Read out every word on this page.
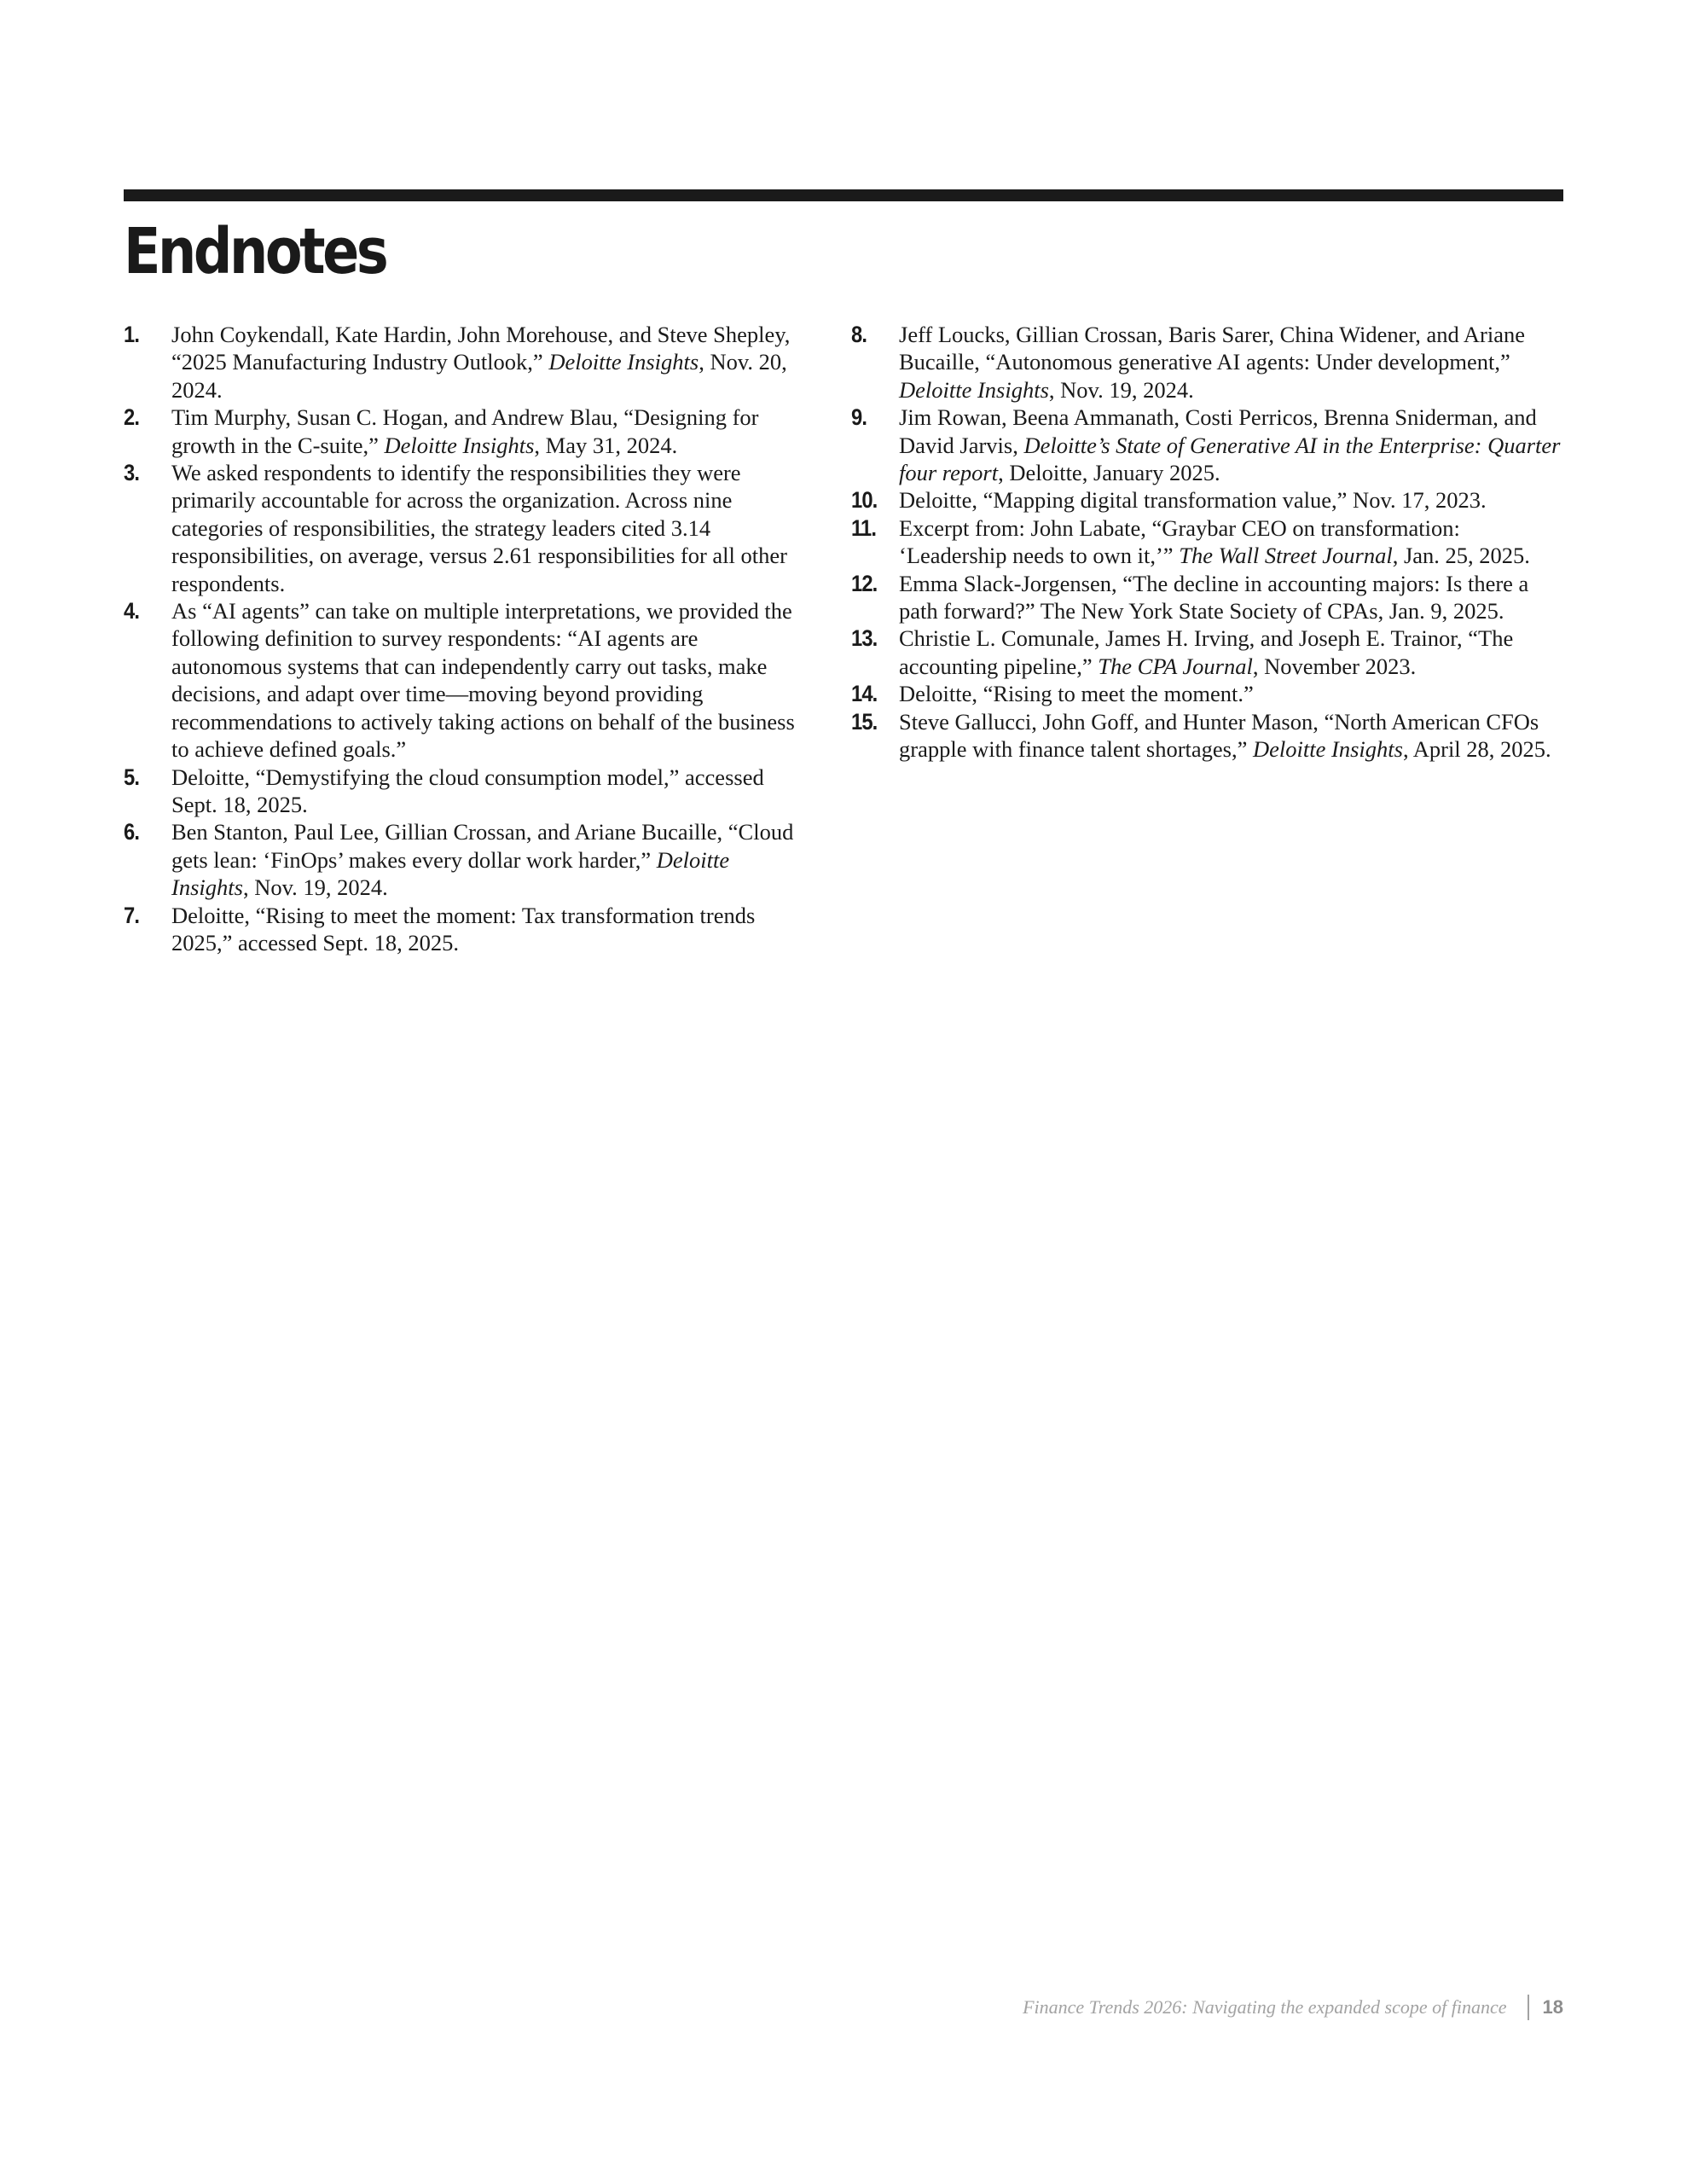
Endnotes
1. John Coykendall, Kate Hardin, John Morehouse, and Steve Shepley, “2025 Manufacturing Industry Outlook,” Deloitte Insights, Nov. 20, 2024.
2. Tim Murphy, Susan C. Hogan, and Andrew Blau, “Designing for growth in the C-suite,” Deloitte Insights, May 31, 2024.
3. We asked respondents to identify the responsibilities they were primarily accountable for across the organization. Across nine categories of responsibilities, the strategy leaders cited 3.14 responsibilities, on average, versus 2.61 responsibilities for all other respondents.
4. As “AI agents” can take on multiple interpretations, we provided the following definition to survey respondents: “AI agents are autonomous systems that can independently carry out tasks, make decisions, and adapt over time—moving beyond providing recommendations to actively taking actions on behalf of the business to achieve defined goals.”
5. Deloitte, “Demystifying the cloud consumption model,” accessed Sept. 18, 2025.
6. Ben Stanton, Paul Lee, Gillian Crossan, and Ariane Bucaille, “Cloud gets lean: ‘FinOps’ makes every dollar work harder,” Deloitte Insights, Nov. 19, 2024.
7. Deloitte, “Rising to meet the moment: Tax transformation trends 2025,” accessed Sept. 18, 2025.
8. Jeff Loucks, Gillian Crossan, Baris Sarer, China Widener, and Ariane Bucaille, “Autonomous generative AI agents: Under development,” Deloitte Insights, Nov. 19, 2024.
9. Jim Rowan, Beena Ammanath, Costi Perricos, Brenna Sniderman, and David Jarvis, Deloitte’s State of Generative AI in the Enterprise: Quarter four report, Deloitte, January 2025.
10. Deloitte, “Mapping digital transformation value,” Nov. 17, 2023.
11. Excerpt from: John Labate, “Graybar CEO on transformation: ‘Leadership needs to own it,’” The Wall Street Journal, Jan. 25, 2025.
12. Emma Slack-Jorgensen, “The decline in accounting majors: Is there a path forward?” The New York State Society of CPAs, Jan. 9, 2025.
13. Christie L. Comunale, James H. Irving, and Joseph E. Trainor, “The accounting pipeline,” The CPA Journal, November 2023.
14. Deloitte, “Rising to meet the moment.”
15. Steve Gallucci, John Goff, and Hunter Mason, “North American CFOs grapple with finance talent shortages,” Deloitte Insights, April 28, 2025.
Finance Trends 2026: Navigating the expanded scope of finance 18
